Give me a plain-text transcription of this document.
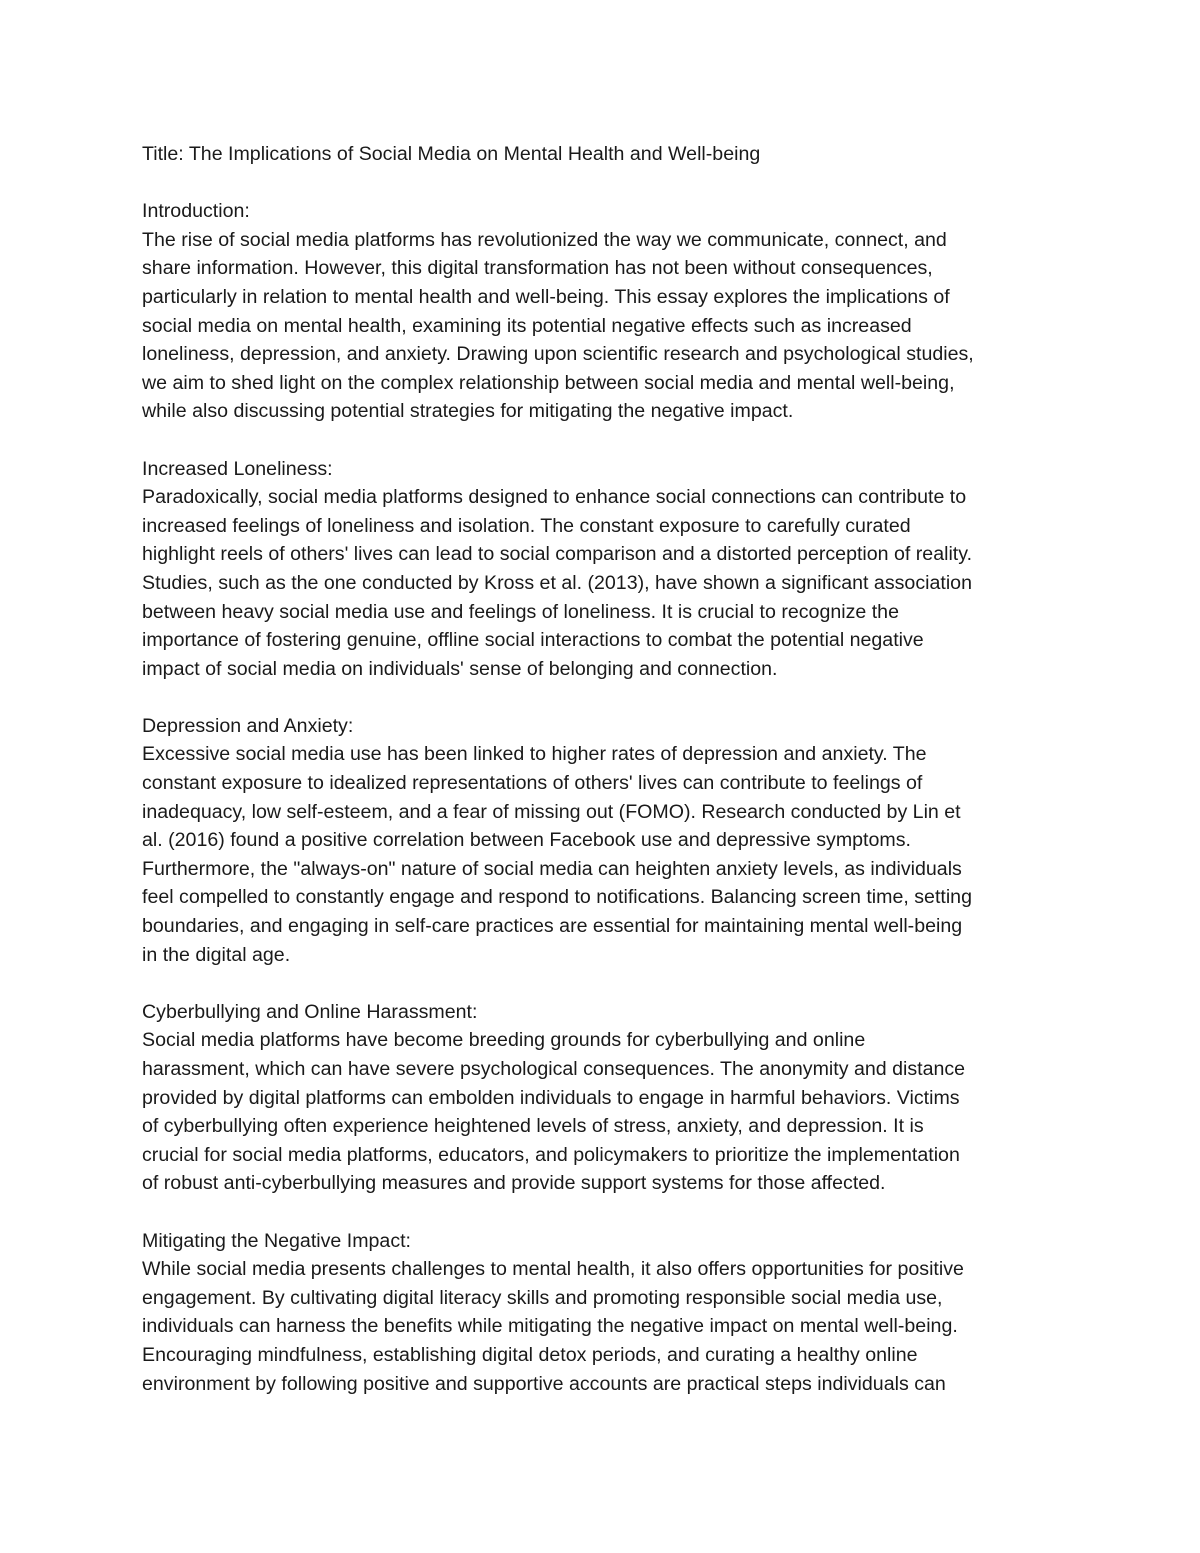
Title: The Implications of Social Media on Mental Health and Well-being
Introduction:
The rise of social media platforms has revolutionized the way we communicate, connect, and
share information. However, this digital transformation has not been without consequences,
particularly in relation to mental health and well-being. This essay explores the implications of
social media on mental health, examining its potential negative effects such as increased
loneliness, depression, and anxiety. Drawing upon scientific research and psychological studies,
we aim to shed light on the complex relationship between social media and mental well-being,
while also discussing potential strategies for mitigating the negative impact.
Increased Loneliness:
Paradoxically, social media platforms designed to enhance social connections can contribute to
increased feelings of loneliness and isolation. The constant exposure to carefully curated
highlight reels of others' lives can lead to social comparison and a distorted perception of reality.
Studies, such as the one conducted by Kross et al. (2013), have shown a significant association
between heavy social media use and feelings of loneliness. It is crucial to recognize the
importance of fostering genuine, offline social interactions to combat the potential negative
impact of social media on individuals' sense of belonging and connection.
Depression and Anxiety:
Excessive social media use has been linked to higher rates of depression and anxiety. The
constant exposure to idealized representations of others' lives can contribute to feelings of
inadequacy, low self-esteem, and a fear of missing out (FOMO). Research conducted by Lin et
al. (2016) found a positive correlation between Facebook use and depressive symptoms.
Furthermore, the "always-on" nature of social media can heighten anxiety levels, as individuals
feel compelled to constantly engage and respond to notifications. Balancing screen time, setting
boundaries, and engaging in self-care practices are essential for maintaining mental well-being
in the digital age.
Cyberbullying and Online Harassment:
Social media platforms have become breeding grounds for cyberbullying and online
harassment, which can have severe psychological consequences. The anonymity and distance
provided by digital platforms can embolden individuals to engage in harmful behaviors. Victims
of cyberbullying often experience heightened levels of stress, anxiety, and depression. It is
crucial for social media platforms, educators, and policymakers to prioritize the implementation
of robust anti-cyberbullying measures and provide support systems for those affected.
Mitigating the Negative Impact:
While social media presents challenges to mental health, it also offers opportunities for positive
engagement. By cultivating digital literacy skills and promoting responsible social media use,
individuals can harness the benefits while mitigating the negative impact on mental well-being.
Encouraging mindfulness, establishing digital detox periods, and curating a healthy online
environment by following positive and supportive accounts are practical steps individuals can
